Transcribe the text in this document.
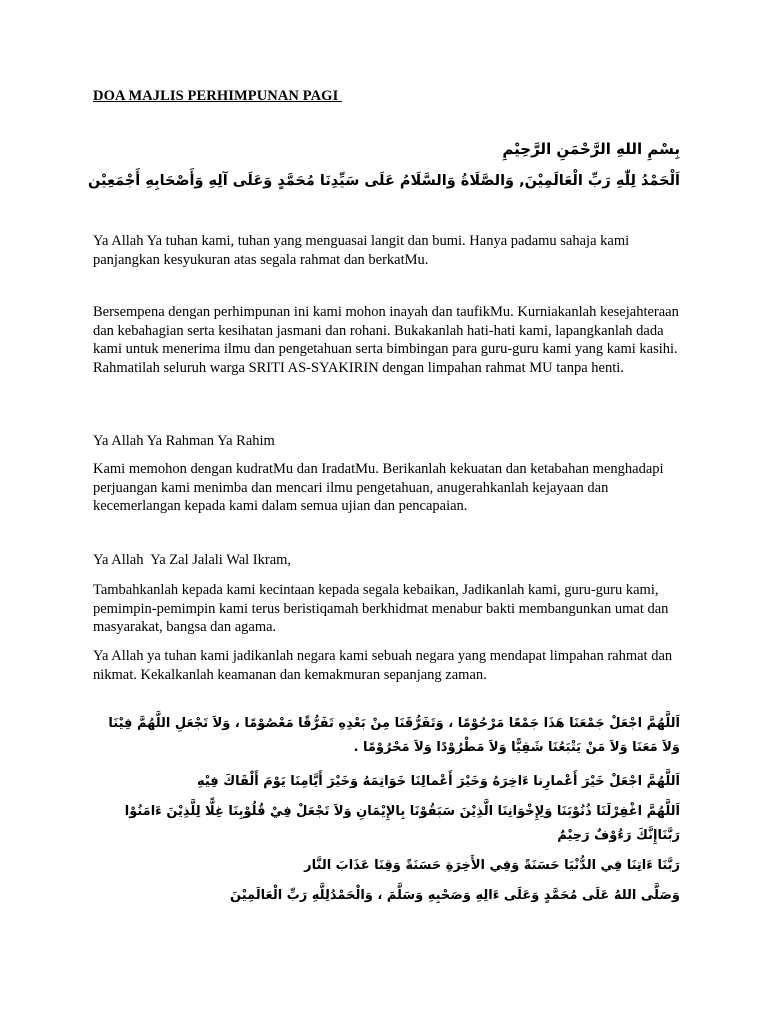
DOA MAJLIS PERHIMPUNAN PAGI
بِسْمِ اللهِ الرَّحْمَنِ الرَّحِيْمِ
اَلْحَمْدُ لِلّٰهِ رَبِّ الْعَالَمِيْنَ, وَالصَّلَاةُ وَالسَّلَامُ عَلَى سَيِّدِنَا مُحَمَّدٍ وَعَلَى آلِهِ وَأَصْحَابِهِ أَجْمَعِيْن
Ya Allah Ya tuhan kami, tuhan yang menguasai langit dan bumi. Hanya padamu sahaja kami panjangkan kesyukuran atas segala rahmat dan berkatMu.
Bersempena dengan perhimpunan ini kami mohon inayah dan taufikMu. Kurniakanlah kesejahteraan dan kebahagian serta kesihatan jasmani dan rohani. Bukakanlah hati-hati kami, lapangkanlah dada kami untuk menerima ilmu dan pengetahuan serta bimbingan para guru-guru kami yang kami kasihi. Rahmatilah seluruh warga SRITI AS-SYAKIRIN dengan limpahan rahmat MU tanpa henti.
Ya Allah Ya Rahman Ya Rahim
Kami memohon dengan kudratMu dan IradatMu. Berikanlah kekuatan dan ketabahan menghadapi perjuangan kami menimba dan mencari ilmu pengetahuan, anugerahkanlah kejayaan dan kecemerlangan kepada kami dalam semua ujian dan pencapaian.
Ya Allah  Ya Zal Jalali Wal Ikram,
Tambahkanlah kepada kami kecintaan kepada segala kebaikan, Jadikanlah kami, guru-guru kami, pemimpin-pemimpin kami terus beristiqamah berkhidmat menabur bakti membangunkan umat dan masyarakat, bangsa dan agama.
Ya Allah ya tuhan kami jadikanlah negara kami sebuah negara yang mendapat limpahan rahmat dan nikmat. Kekalkanlah keamanan dan kemakmuran sepanjang zaman.
اَللَّهُمَّ اجْعَلْ جَمْعَنَا هَذَا جَمْعًا مَرْحُوْمًا ، وَتَفَرُّقَنَا مِنْ بَعْدِهِ تَفَرُّقًا مَعْصُوْمًا ، وَلاَ تَجْعَلِ اللَّهُمَّ فِيْنَا وَلاَ مَعَنَا وَلاَ مَنْ يَتْبَعُنَا شَقِيًّا وَلاَ مَطْرُوْدًا وَلاَ مَحْرُوْمًا .
اَللَّهُمَّ اجْعَلْ خَيْرَ أَعْمارِنا ءَاخِرَهُ وَخَيْرَ أَعْمالِنَا خَوَاتِمَهُ وَخَيْرَ أَيَّامِنَا يَوْمَ أَلْقَاكَ فِيْهِ
اَللَّهُمَّ اغْفِرْلَنَا ذُنُوْبَنَا وَلِإِخْوَانِنَا الَّذِيْنَ سَبَقُوْنَا بِالإِيْمَانِ وَلاَ تَجْعَلْ فِيْ قُلُوْبِنَا غِلًّا لِلَّذِيْنَ ءَامَنُوْا رَبَّنَاإِنَّكَ رَءُوْفٌ رَحِيْمٌ
رَبَّنَا ءَاتِنَا فِي الدُّنْيَا حَسَنَةً وَفِي الأَخِرَةِ حَسَنَةً وَقِنَا عَذَابَ النَّار
وَصَلَّى اللهُ عَلَى مُحَمَّدٍ وَعَلَى ءَالِهِ وَصَحْبِهِ وَسَلَّمَ ، وَالْحَمْدُلِلَّهِ رَبِّ الْعَالَمِيْنَ
